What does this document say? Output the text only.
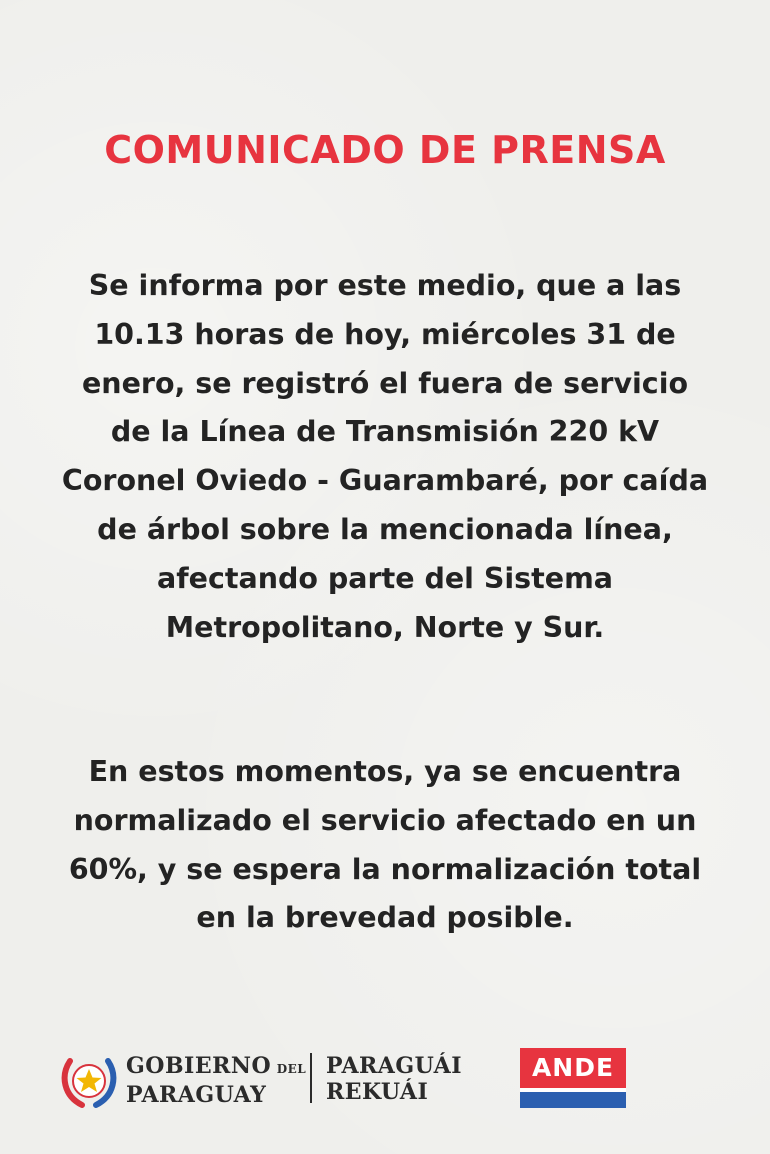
COMUNICADO DE PRENSA
Se informa por este medio, que a las 10.13 horas de hoy, miércoles 31 de enero, se registró el fuera de servicio de la Línea de Transmisión 220 kV Coronel Oviedo - Guarambaré, por caída de árbol sobre la mencionada línea, afectando parte del Sistema Metropolitano, Norte y Sur.
En estos momentos, ya se encuentra normalizado el servicio afectado en un 60%, y se espera la normalización total en la brevedad posible.
GOBIERNO DEL
PARAGUAY
PARAGUÁI
REKUÁI
ANDE
